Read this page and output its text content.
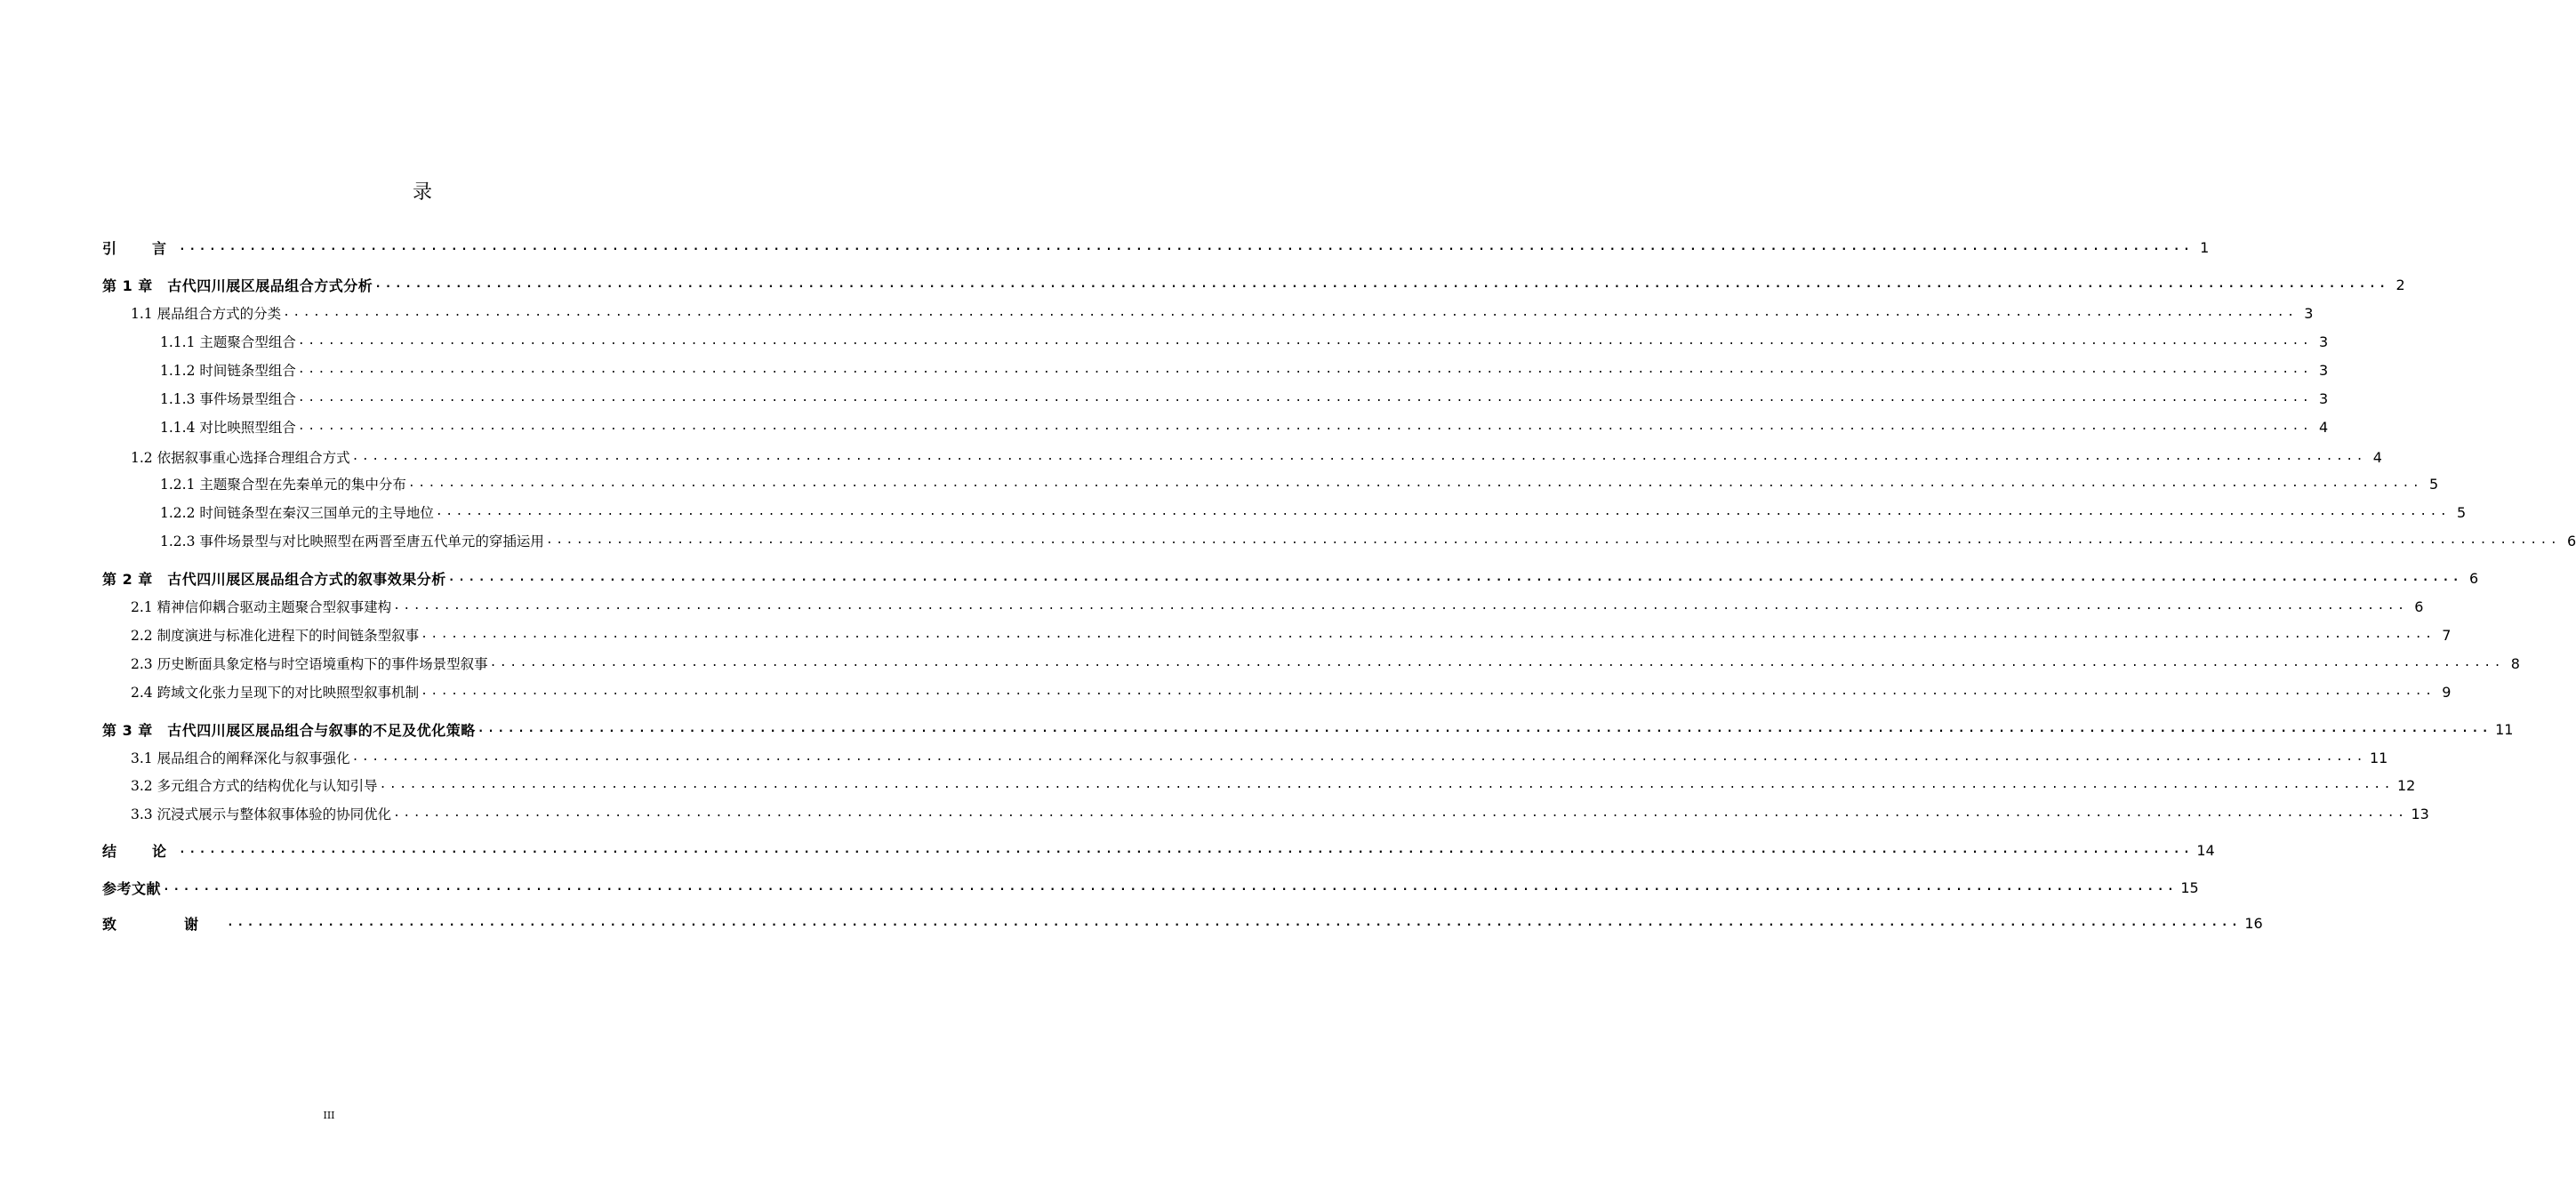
录
引　言 ........................................................................................................................................................................................................ 1
第 1 章　古代四川展区展品组合方式分析 ........................................................................................................................................................................................................ 2
1.1 展品组合方式的分类 ........................................................................................................................................................................................................ 3
1.1.1 主题聚合型组合 ........................................................................................................................................................................................................ 3
1.1.2 时间链条型组合 ........................................................................................................................................................................................................ 3
1.1.3 事件场景型组合 ........................................................................................................................................................................................................ 3
1.1.4 对比映照型组合 ........................................................................................................................................................................................................ 4
1.2 依据叙事重心选择合理组合方式 ........................................................................................................................................................................................................ 4
1.2.1 主题聚合型在先秦单元的集中分布 ........................................................................................................................................................................................................ 5
1.2.2 时间链条型在秦汉三国单元的主导地位 ........................................................................................................................................................................................................ 5
1.2.3 事件场景型与对比映照型在两晋至唐五代单元的穿插运用 ........................................................................................................................................................................................................ 6
第 2 章　古代四川展区展品组合方式的叙事效果分析 ........................................................................................................................................................................................................ 6
2.1 精神信仰耦合驱动主题聚合型叙事建构 ........................................................................................................................................................................................................ 6
2.2 制度演进与标准化进程下的时间链条型叙事 ........................................................................................................................................................................................................ 7
2.3 历史断面具象定格与时空语境重构下的事件场景型叙事 ........................................................................................................................................................................................................ 8
2.4 跨域文化张力呈现下的对比映照型叙事机制 ........................................................................................................................................................................................................ 9
第 3 章　古代四川展区展品组合与叙事的不足及优化策略 ........................................................................................................................................................................................................ 11
3.1 展品组合的阐释深化与叙事强化 ........................................................................................................................................................................................................ 11
3.2 多元组合方式的结构优化与认知引导 ........................................................................................................................................................................................................ 12
3.3 沉浸式展示与整体叙事体验的协同优化 ........................................................................................................................................................................................................ 13
结　论 ........................................................................................................................................................................................................ 14
参考文献 ........................................................................................................................................................................................................ 15
致　谢 ........................................................................................................................................................................................................ 16
III
